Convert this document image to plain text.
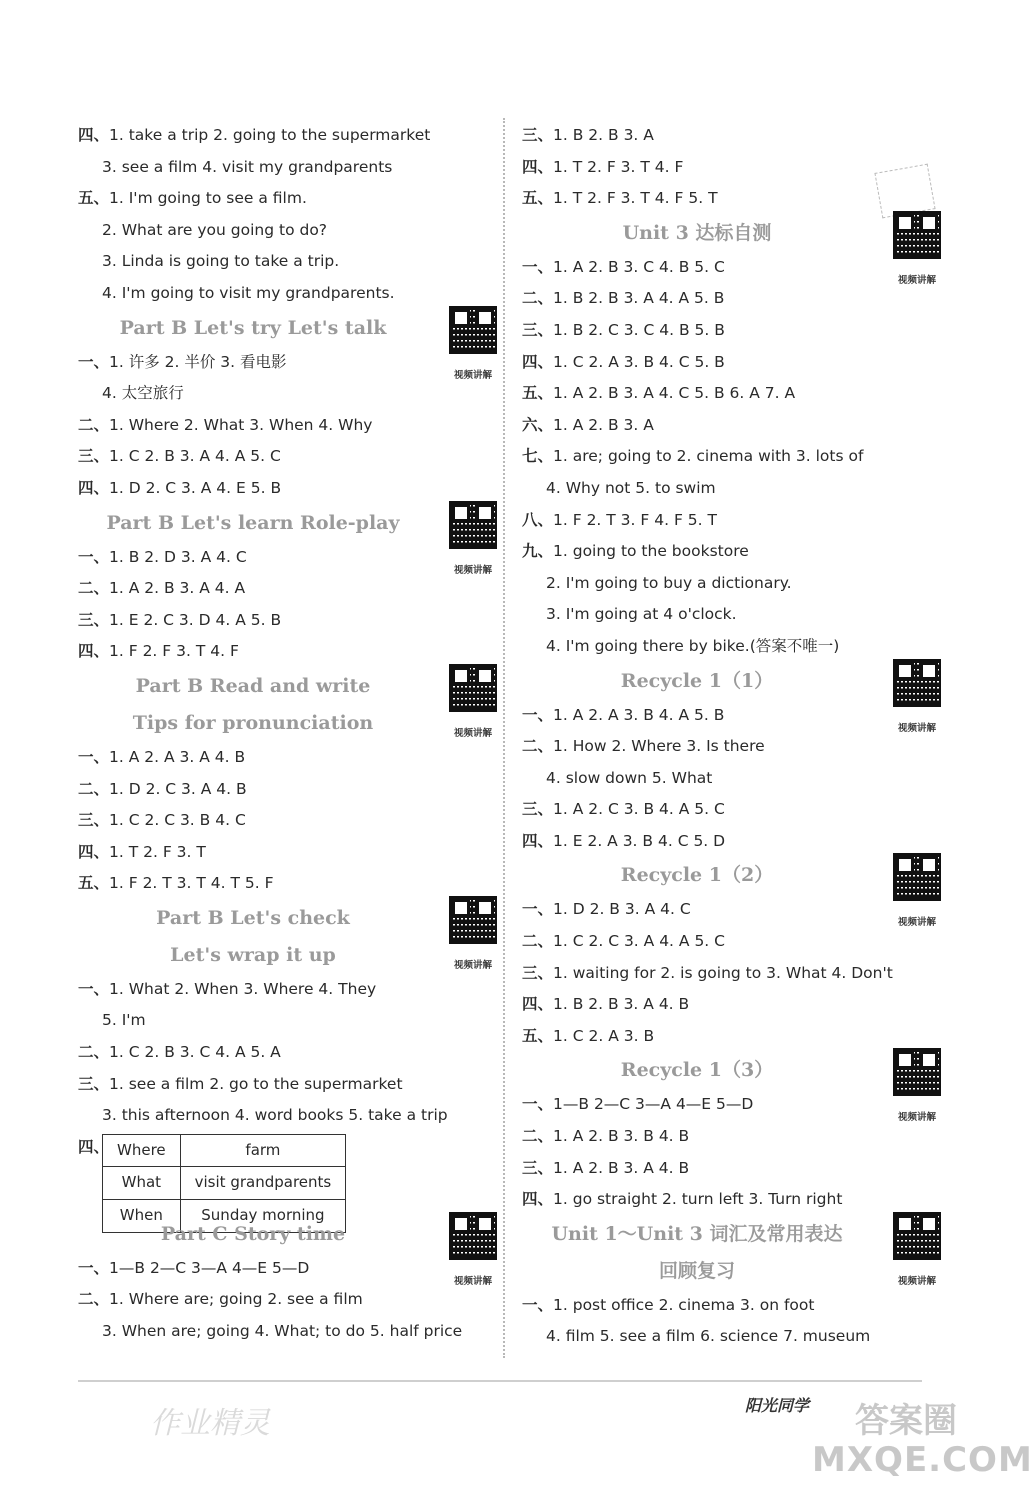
四、1. take a trip 2. going to the supermarket
3. see a film 4. visit my grandparents
五、1. I'm going to see a film.
2. What are you going to do?
3. Linda is going to take a trip.
4. I'm going to visit my grandparents.
Part B Let's try Let's talk
视频讲解
一、1. 许多 2. 半价 3. 看电影
4. 太空旅行
二、1. Where 2. What 3. When 4. Why
三、1. C 2. B 3. A 4. A 5. C
四、1. D 2. C 3. A 4. E 5. B
Part B Let's learn Role-play
视频讲解
一、1. B 2. D 3. A 4. C
二、1. A 2. B 3. A 4. A
三、1. E 2. C 3. D 4. A 5. B
四、1. F 2. F 3. T 4. F
Part B Read and write
视频讲解
Tips for pronunciation
一、1. A 2. A 3. A 4. B
二、1. D 2. C 3. A 4. B
三、1. C 2. C 3. B 4. C
四、1. T 2. F 3. T
五、1. F 2. T 3. T 4. T 5. F
Part B Let's check
视频讲解
Let's wrap it up
一、1. What 2. When 3. Where 4. They
5. I'm
二、1. C 2. B 3. C 4. A 5. A
三、1. see a film 2. go to the supermarket
3. this afternoon 4. word books 5. take a trip
四、 Where	farm
What	visit grandparents
When	Sunday morning
Part C Story time
视频讲解
一、1—B 2—C 3—A 4—E 5—D
二、1. Where are; going 2. see a film
3. When are; going 4. What; to do 5. half price
三、1. B 2. B 3. A
四、1. T 2. F 3. T 4. F
五、1. T 2. F 3. T 4. F 5. T
Unit 3 达标自测
视频讲解
一、1. A 2. B 3. C 4. B 5. C
二、1. B 2. B 3. A 4. A 5. B
三、1. B 2. C 3. C 4. B 5. B
四、1. C 2. A 3. B 4. C 5. B
五、1. A 2. B 3. A 4. C 5. B 6. A 7. A
六、1. A 2. B 3. A
七、1. are; going to 2. cinema with 3. lots of
4. Why not 5. to swim
八、1. F 2. T 3. F 4. F 5. T
九、1. going to the bookstore
2. I'm going to buy a dictionary.
3. I'm going at 4 o'clock.
4. I'm going there by bike.(答案不唯一)
Recycle 1（1）
视频讲解
一、1. A 2. A 3. B 4. A 5. B
二、1. How 2. Where 3. Is there
4. slow down 5. What
三、1. A 2. C 3. B 4. A 5. C
四、1. E 2. A 3. B 4. C 5. D
Recycle 1（2）
视频讲解
一、1. D 2. B 3. A 4. C
二、1. C 2. C 3. A 4. A 5. C
三、1. waiting for 2. is going to 3. What 4. Don't
四、1. B 2. B 3. A 4. B
五、1. C 2. A 3. B
Recycle 1（3）
视频讲解
一、1—B 2—C 3—A 4—E 5—D
二、1. A 2. B 3. B 4. B
三、1. A 2. B 3. A 4. B
四、1. go straight 2. turn left 3. Turn right
Unit 1～Unit 3 词汇及常用表达
视频讲解
回顾复习
一、1. post office 2. cinema 3. on foot
4. film 5. see a film 6. science 7. museum
作业精灵
阳光同学 答案圈
MXQE.COM
